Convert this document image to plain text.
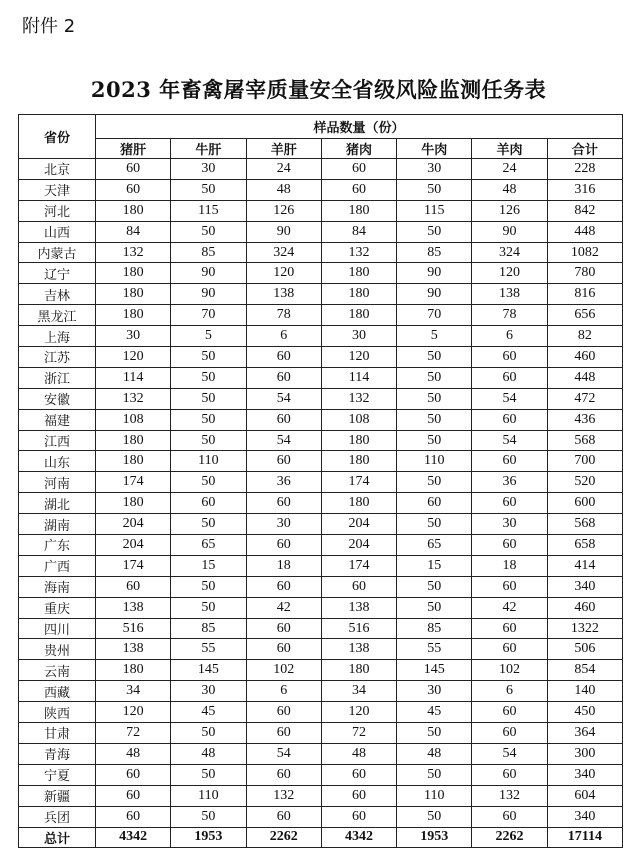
附件 2
2023 年畜禽屠宰质量安全省级风险监测任务表
省份	样品数量（份）						
	猪肝	牛肝	羊肝	猪肉	牛肉	羊肉	合计
北京	60	30	24	60	30	24	228
天津	60	50	48	60	50	48	316
河北	180	115	126	180	115	126	842
山西	84	50	90	84	50	90	448
内蒙古	132	85	324	132	85	324	1082
辽宁	180	90	120	180	90	120	780
吉林	180	90	138	180	90	138	816
黑龙江	180	70	78	180	70	78	656
上海	30	5	6	30	5	6	82
江苏	120	50	60	120	50	60	460
浙江	114	50	60	114	50	60	448
安徽	132	50	54	132	50	54	472
福建	108	50	60	108	50	60	436
江西	180	50	54	180	50	54	568
山东	180	110	60	180	110	60	700
河南	174	50	36	174	50	36	520
湖北	180	60	60	180	60	60	600
湖南	204	50	30	204	50	30	568
广东	204	65	60	204	65	60	658
广西	174	15	18	174	15	18	414
海南	60	50	60	60	50	60	340
重庆	138	50	42	138	50	42	460
四川	516	85	60	516	85	60	1322
贵州	138	55	60	138	55	60	506
云南	180	145	102	180	145	102	854
西藏	34	30	6	34	30	6	140
陕西	120	45	60	120	45	60	450
甘肃	72	50	60	72	50	60	364
青海	48	48	54	48	48	54	300
宁夏	60	50	60	60	50	60	340
新疆	60	110	132	60	110	132	604
兵团	60	50	60	60	50	60	340
总计	4342	1953	2262	4342	1953	2262	17114
